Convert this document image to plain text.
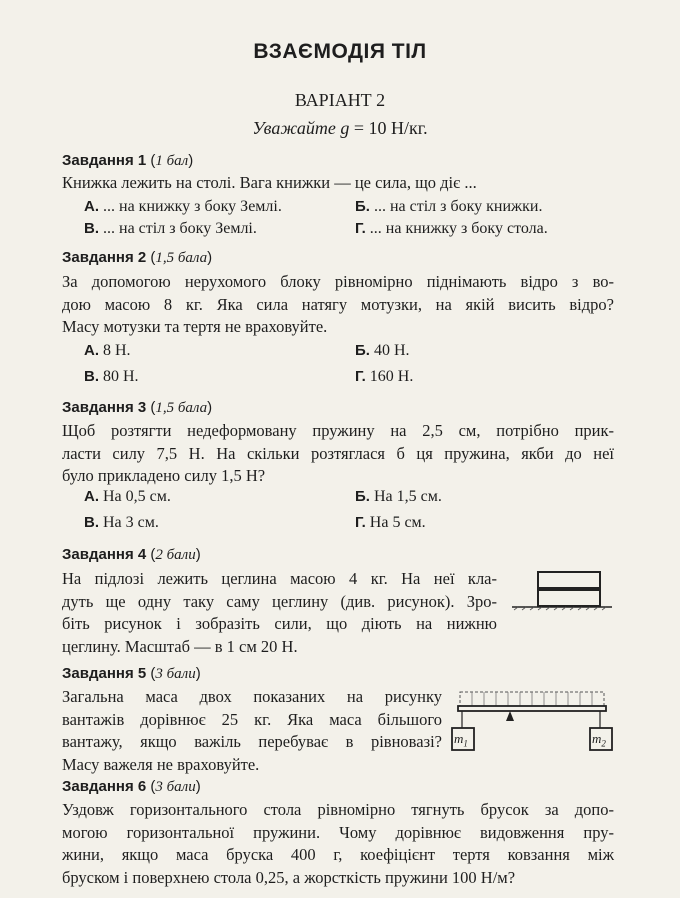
ВЗАЄМОДІЯ ТІЛ
ВАРІАНТ 2
Уважайте g = 10 Н/кг.
Завдання 1 (1 бал)
Книжка лежить на столі. Вага книжки — це сила, що діє ...
А. ... на книжку з боку Землі.	Б. ... на стіл з боку книжки.
В. ... на стіл з боку Землі.	Г. ... на книжку з боку стола.
Завдання 2 (1,5 бала)
За допомогою нерухомого блоку рівномірно піднімають відро з во-
дою масою 8 кг. Яка сила натягу мотузки, на якій висить відро?
Масу мотузки та тертя не враховуйте.
А. 8 Н.	Б. 40 Н.
В. 80 Н.	Г. 160 Н.
Завдання 3 (1,5 бала)
Щоб розтягти недеформовану пружину на 2,5 см, потрібно прик-
ласти силу 7,5 Н. На скільки розтяглася б ця пружина, якби до неї
було прикладено силу 1,5 Н?
А. На 0,5 см.	Б. На 1,5 см.
В. На 3 см.	Г. На 5 см.
Завдання 4 (2 бали)
На підлозі лежить цеглина масою 4 кг. На неї кла-
дуть ще одну таку саму цеглину (див. рисунок). Зро-
біть рисунок і зобразіть сили, що діють на нижню
цеглину. Масштаб — в 1 см 20 Н.
Завдання 5 (3 бали)
Загальна маса двох показаних на рисунку
вантажів дорівнює 25 кг. Яка маса більшого
вантажу, якщо важіль перебуває в рівновазі?
Масу важеля не враховуйте.
$m_1$	$m_2$
Завдання 6 (3 бали)
Уздовж горизонтального стола рівномірно тягнуть брусок за допо-
могою горизонтальної пружини. Чому дорівнює видовження пру-
жини, якщо маса бруска 400 г, коефіцієнт тертя ковзання між
бруском і поверхнею стола 0,25, а жорсткість пружини 100 Н/м?
